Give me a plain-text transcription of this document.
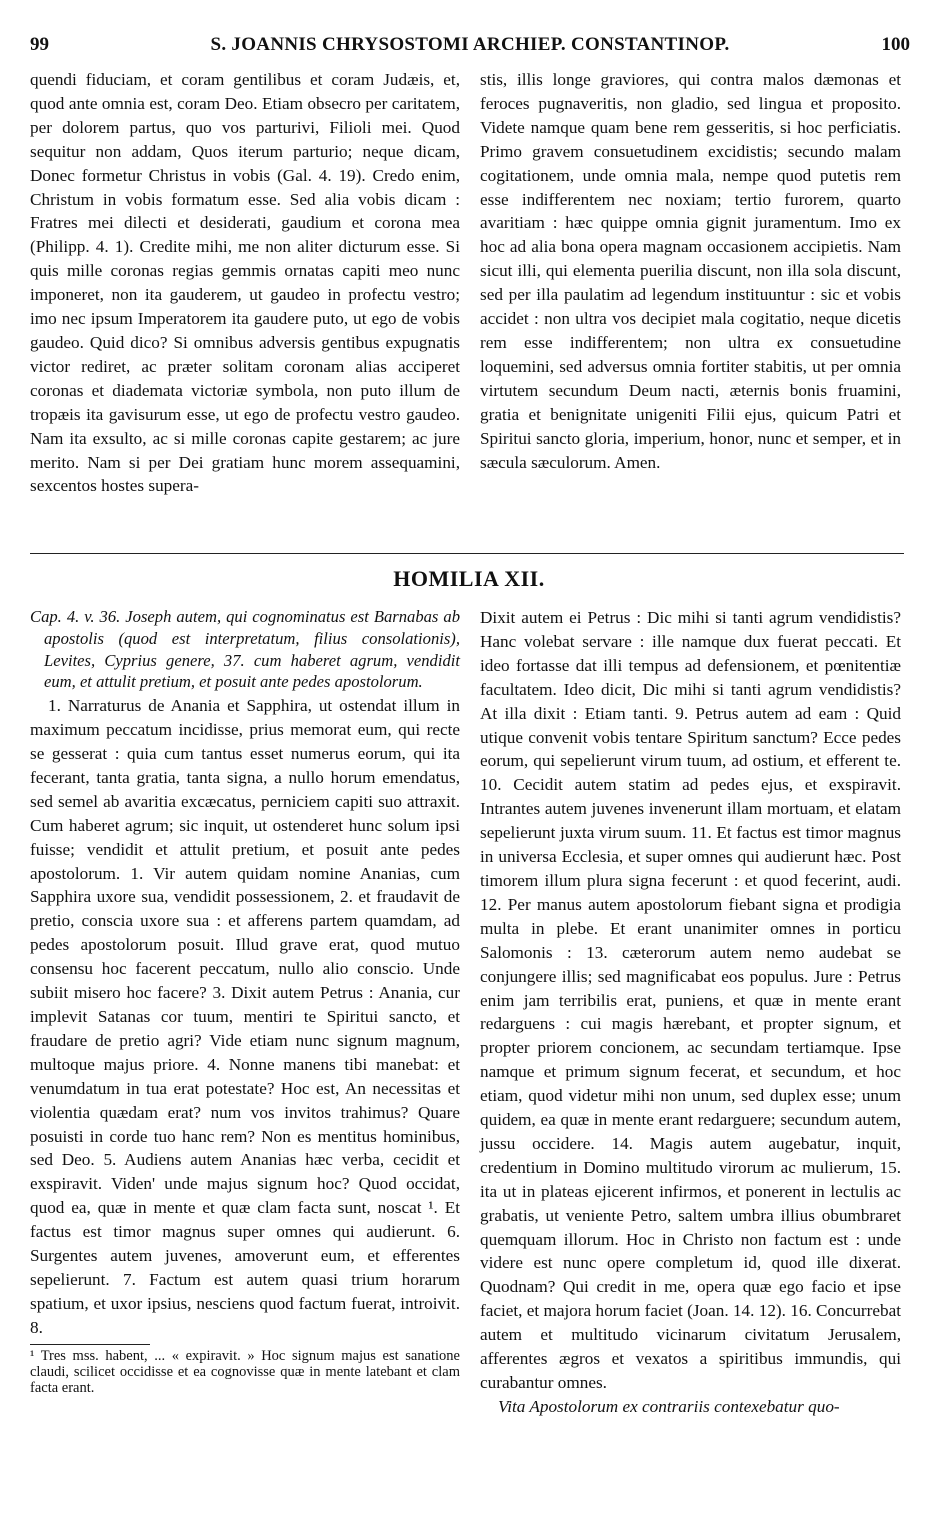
99	S. JOANNIS CHRYSOSTOMI ARCHIEP. CONSTANTINOP.	100

quendi fiduciam, et coram gentilibus et coram Judæis, et, quod ante omnia est, coram Deo. Etiam obsecro per caritatem, per dolorem partus, quo vos parturivi, Filioli mei. Quod sequitur non addam, Quos iterum parturio; neque dicam, Donec formetur Christus in vobis (Gal. 4. 19). Credo enim, Christum in vobis formatum esse. Sed alia vobis dicam : Fratres mei dilecti et desiderati, gaudium et corona mea (Philipp. 4. 1). Credite mihi, me non aliter dicturum esse. Si quis mille coronas regias gemmis ornatas capiti meo nunc imponeret, non ita gauderem, ut gaudeo in profectu vestro; imo nec ipsum Imperatorem ita gaudere puto, ut ego de vobis gaudeo. Quid dico? Si omnibus adversis gentibus expugnatis victor rediret, ac præter solitam coronam alias acciperet coronas et diademata victoriæ symbola, non puto illum de tropæis ita gavisurum esse, ut ego de profectu vestro gaudeo. Nam ita exsulto, ac si mille coronas capite gestarem; ac jure merito. Nam si per Dei gratiam hunc morem assequamini, sexcentos hostes supera-

stis, illis longe graviores, qui contra malos dæmonas et feroces pugnaveritis, non gladio, sed lingua et proposito. Videte namque quam bene rem gesseritis, si hoc perficiatis. Primo gravem consuetudinem excidistis; secundo malam cogitationem, unde omnia mala, nempe quod putetis rem esse indifferentem nec noxiam; tertio furorem, quarto avaritiam : hæc quippe omnia gignit juramentum. Imo ex hoc ad alia bona opera magnam occasionem accipietis. Nam sicut illi, qui elementa puerilia discunt, non illa sola discunt, sed per illa paulatim ad legendum instituuntur : sic et vobis accidet : non ultra vos decipiet mala cogitatio, neque dicetis rem esse indifferentem; non ultra ex consuetudine loquemini, sed adversus omnia fortiter stabitis, ut per omnia virtutem secundum Deum nacti, æternis bonis fruamini, gratia et benignitate unigeniti Filii ejus, quicum Patri et Spiritui sancto gloria, imperium, honor, nunc et semper, et in sæcula sæculorum. Amen.

HOMILIA XII.

Cap. 4. v. 36. Joseph autem, qui cognominatus est Barnabas ab apostolis (quod est interpretatum, filius consolationis), Levites, Cyprius genere, 37. cum haberet agrum, vendidit eum, et attulit pretium, et posuit ante pedes apostolorum.

1. Narraturus de Anania et Sapphira, ut ostendat illum in maximum peccatum incidisse, prius memorat eum, qui recte se gesserat : quia cum tantus esset numerus eorum, qui ita fecerant, tanta gratia, tanta signa, a nullo horum emendatus, sed semel ab avaritia excæcatus, perniciem capiti suo attraxit. Cum haberet agrum; sic inquit, ut ostenderet hunc solum ipsi fuisse; vendidit et attulit pretium, et posuit ante pedes apostolorum. 1. Vir autem quidam nomine Ananias, cum Sapphira uxore sua, vendidit possessionem, 2. et fraudavit de pretio, conscia uxore sua : et afferens partem quamdam, ad pedes apostolorum posuit. Illud grave erat, quod mutuo consensu hoc facerent peccatum, nullo alio conscio. Unde subiit misero hoc facere? 3. Dixit autem Petrus : Anania, cur implevit Satanas cor tuum, mentiri te Spiritui sancto, et fraudare de pretio agri? Vide etiam nunc signum magnum, multoque majus priore. 4. Nonne manens tibi manebat: et venumdatum in tua erat potestate? Hoc est, An necessitas et violentia quædam erat? num vos invitos trahimus? Quare posuisti in corde tuo hanc rem? Non es mentitus hominibus, sed Deo. 5. Audiens autem Ananias hæc verba, cecidit et exspiravit. Viden' unde majus signum hoc? Quod occidat, quod ea, quæ in mente et quæ clam facta sunt, noscat ¹. Et factus est timor magnus super omnes qui audierunt. 6. Surgentes autem juvenes, amoverunt eum, et efferentes sepelierunt. 7. Factum est autem quasi trium horarum spatium, et uxor ipsius, nesciens quod factum fuerat, introivit. 8.

¹ Tres mss. habent, ... « expiravit. » Hoc signum majus est sanatione claudi, scilicet occidisse et ea cognovisse quæ in mente latebant et clam facta erant.

Dixit autem ei Petrus : Dic mihi si tanti agrum vendidistis? Hanc volebat servare : ille namque dux fuerat peccati. Et ideo fortasse dat illi tempus ad defensionem, et pœnitentiæ facultatem. Ideo dicit, Dic mihi si tanti agrum vendidistis? At illa dixit : Etiam tanti. 9. Petrus autem ad eam : Quid utique convenit vobis tentare Spiritum sanctum? Ecce pedes eorum, qui sepelierunt virum tuum, ad ostium, et efferent te. 10. Cecidit autem statim ad pedes ejus, et exspiravit. Intrantes autem juvenes invenerunt illam mortuam, et elatam sepelierunt juxta virum suum. 11. Et factus est timor magnus in universa Ecclesia, et super omnes qui audierunt hæc. Post timorem illum plura signa fecerunt : et quod fecerint, audi. 12. Per manus autem apostolorum fiebant signa et prodigia multa in plebe. Et erant unanimiter omnes in porticu Salomonis : 13. cæterorum autem nemo audebat se conjungere illis; sed magnificabat eos populus. Jure : Petrus enim jam terribilis erat, puniens, et quæ in mente erant redarguens : cui magis hærebant, et propter signum, et propter priorem concionem, ac secundam tertiamque. Ipse namque et primum signum fecerat, et secundum, et hoc etiam, quod videtur mihi non unum, sed duplex esse; unum quidem, ea quæ in mente erant redarguere; secundum autem, jussu occidere. 14. Magis autem augebatur, inquit, credentium in Domino multitudo virorum ac mulierum, 15. ita ut in plateas ejicerent infirmos, et ponerent in lectulis ac grabatis, ut veniente Petro, saltem umbra illius obumbraret quemquam illorum. Hoc in Christo non factum est : unde videre est nunc opere completum id, quod ille dixerat. Quodnam? Qui credit in me, opera quæ ego facio et ipse faciet, et majora horum faciet (Joan. 14. 12). 16. Concurrebat autem et multitudo vicinarum civitatum Jerusalem, afferentes ægros et vexatos a spiritibus immundis, qui curabantur omnes.

Vita Apostolorum ex contrariis contexebatur quo-
